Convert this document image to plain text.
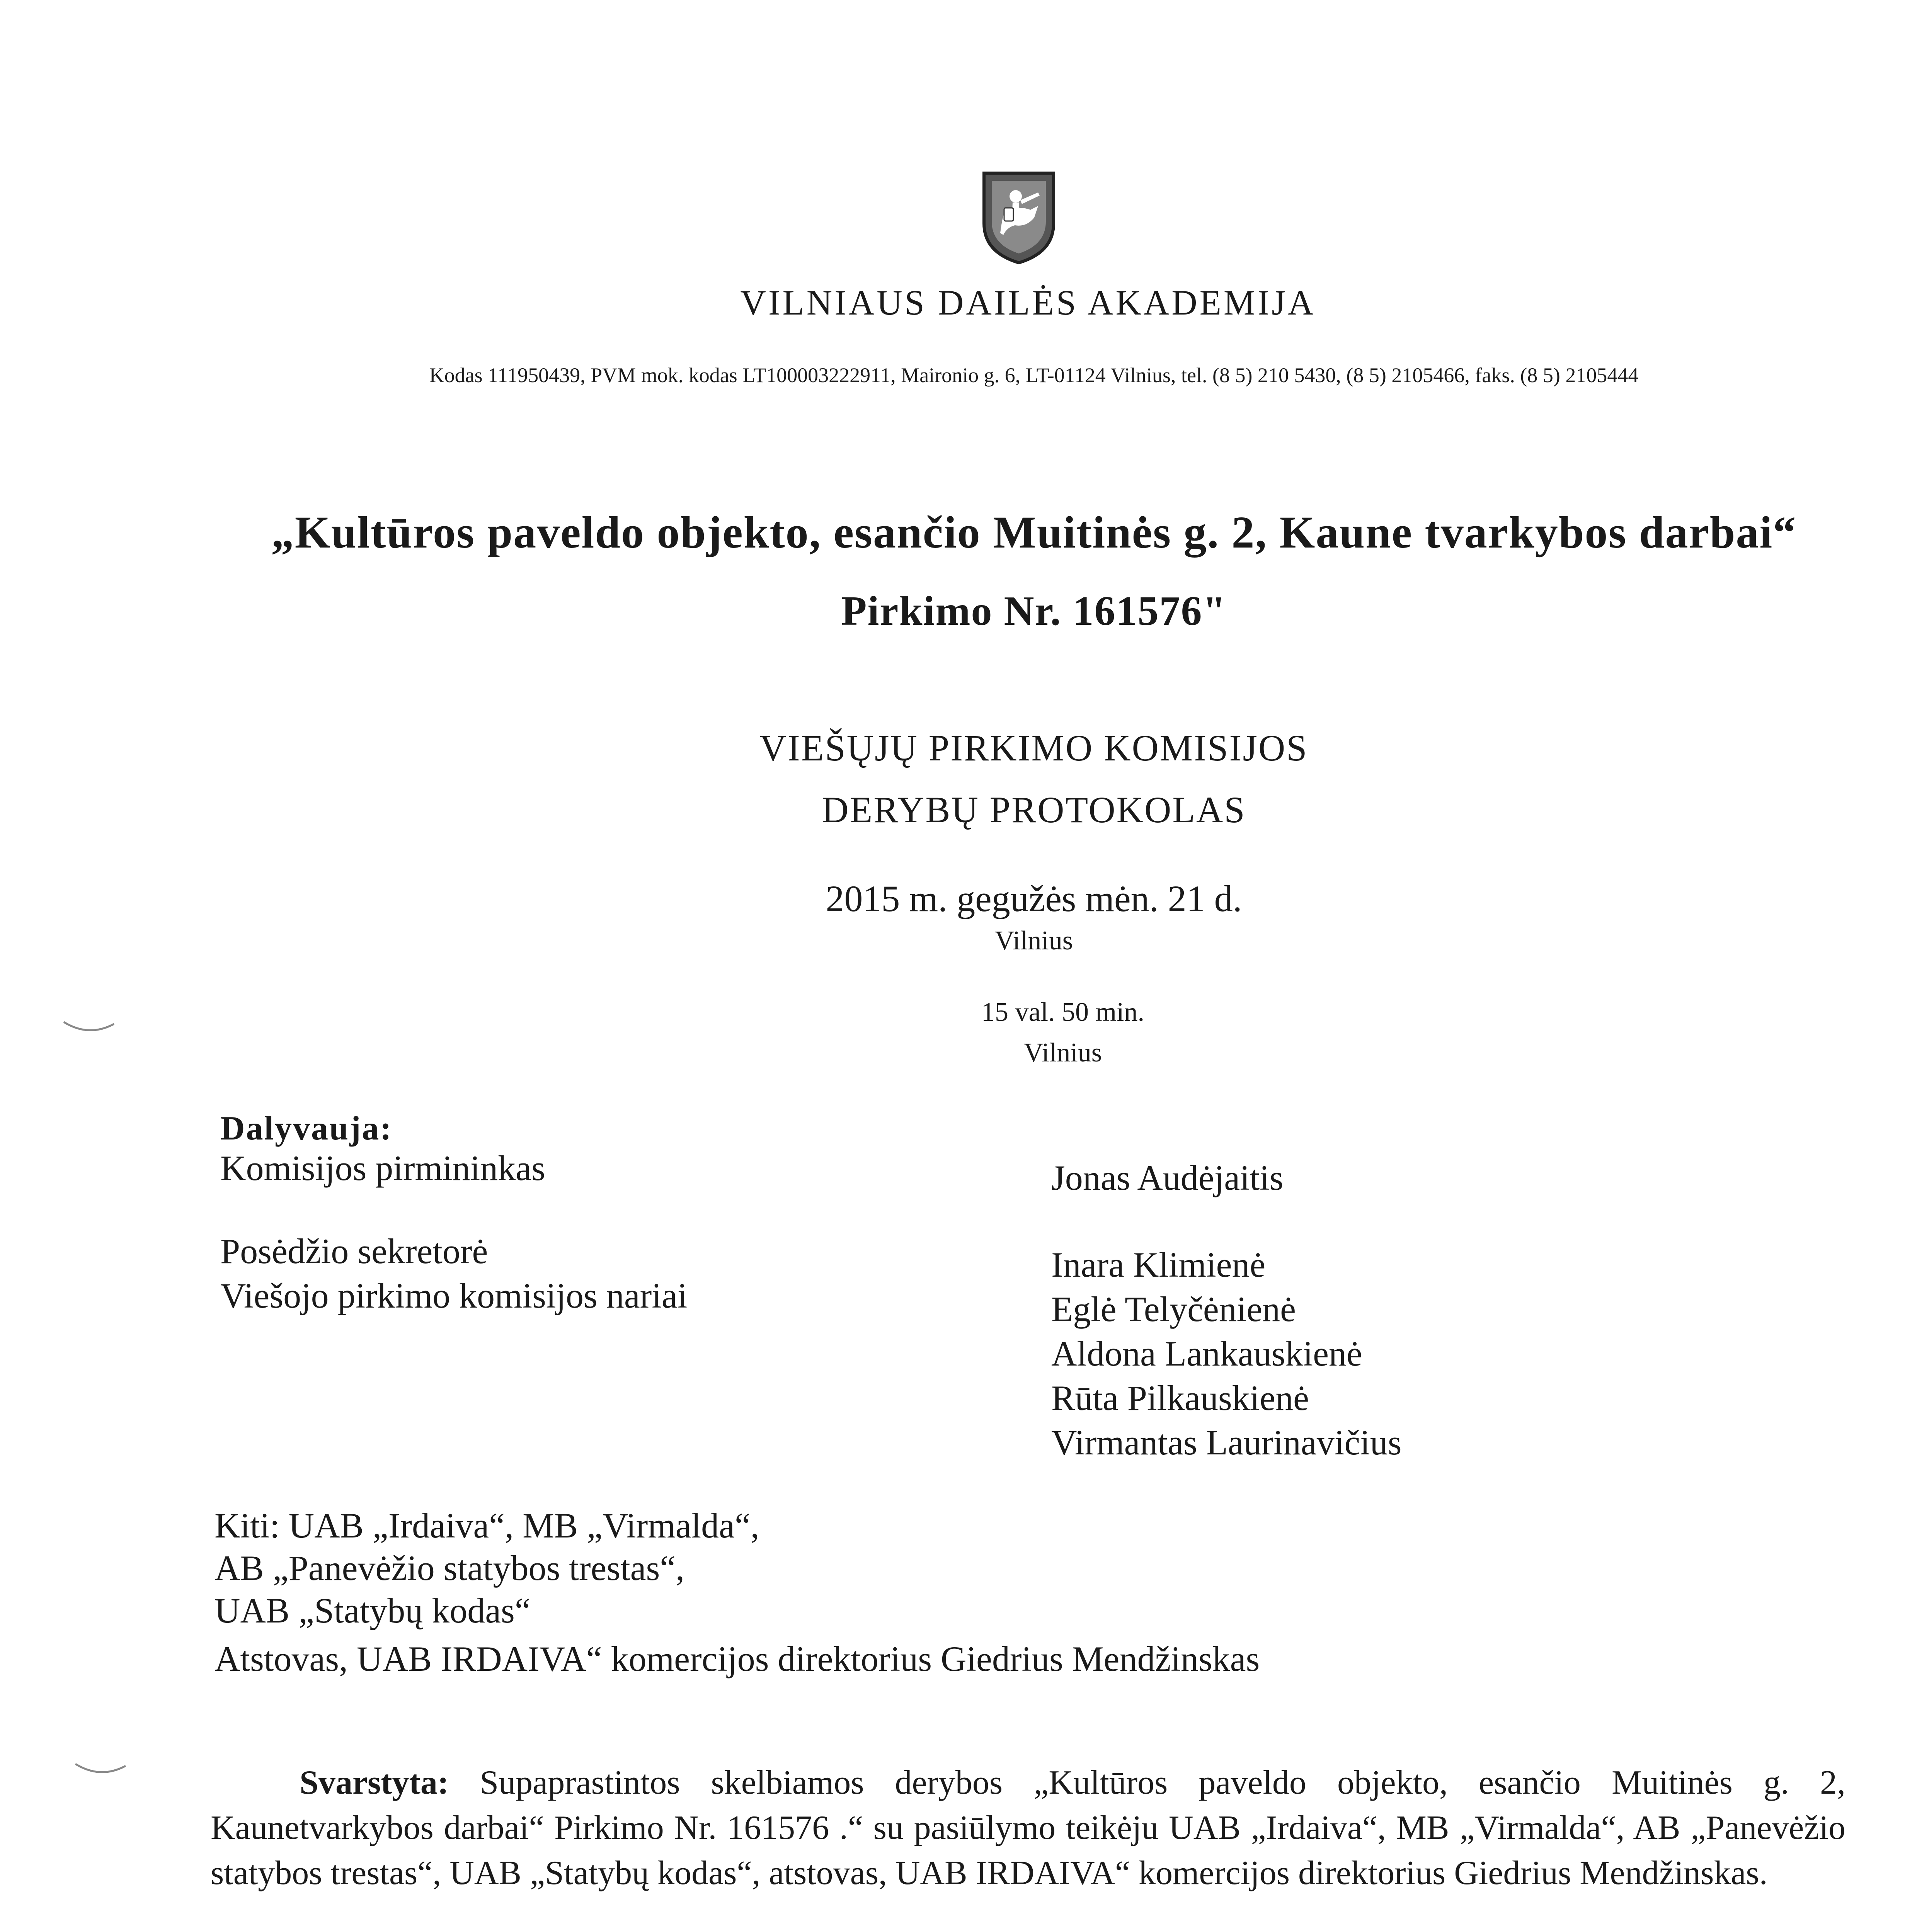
VILNIAUS DAILĖS AKADEMIJA
Kodas 111950439, PVM mok. kodas LT100003222911, Maironio g. 6, LT-01124 Vilnius, tel. (8 5) 210 5430, (8 5) 2105466, faks. (8 5) 2105444
„Kultūros paveldo objekto, esančio Muitinės g. 2, Kaune tvarkybos darbai“
Pirkimo Nr. 161576"
VIEŠŲJŲ PIRKIMO KOMISIJOS
DERYBŲ PROTOKOLAS
2015 m. gegužės mėn. 21 d.
Vilnius
15 val. 50 min.
Vilnius
Dalyvauja:
Komisijos pirmininkas	Jonas Audėjaitis
Posėdžio sekretorė	Inara Klimienė
Viešojo pirkimo komisijos nariai	Eglė Telyčėnienė
Aldona Lankauskienė
Rūta Pilkauskienė
Virmantas Laurinavičius
Kiti: UAB „Irdaiva“, MB „Virmalda“,
AB „Panevėžio statybos trestas“,
UAB „Statybų kodas“
Atstovas, UAB IRDAIVA“ komercijos direktorius Giedrius Mendžinskas
Svarstyta: Supaprastintos skelbiamos derybos „Kultūros paveldo objekto, esančio Muitinės g. 2, Kaunetvarkybos darbai“ Pirkimo Nr. 161576 .“ su pasiūlymo teikėju UAB „Irdaiva“, MB „Virmalda“, AB „Panevėžio statybos trestas“, UAB „Statybų kodas“, atstovas, UAB IRDAIVA“ komercijos direktorius Giedrius Mendžinskas.
